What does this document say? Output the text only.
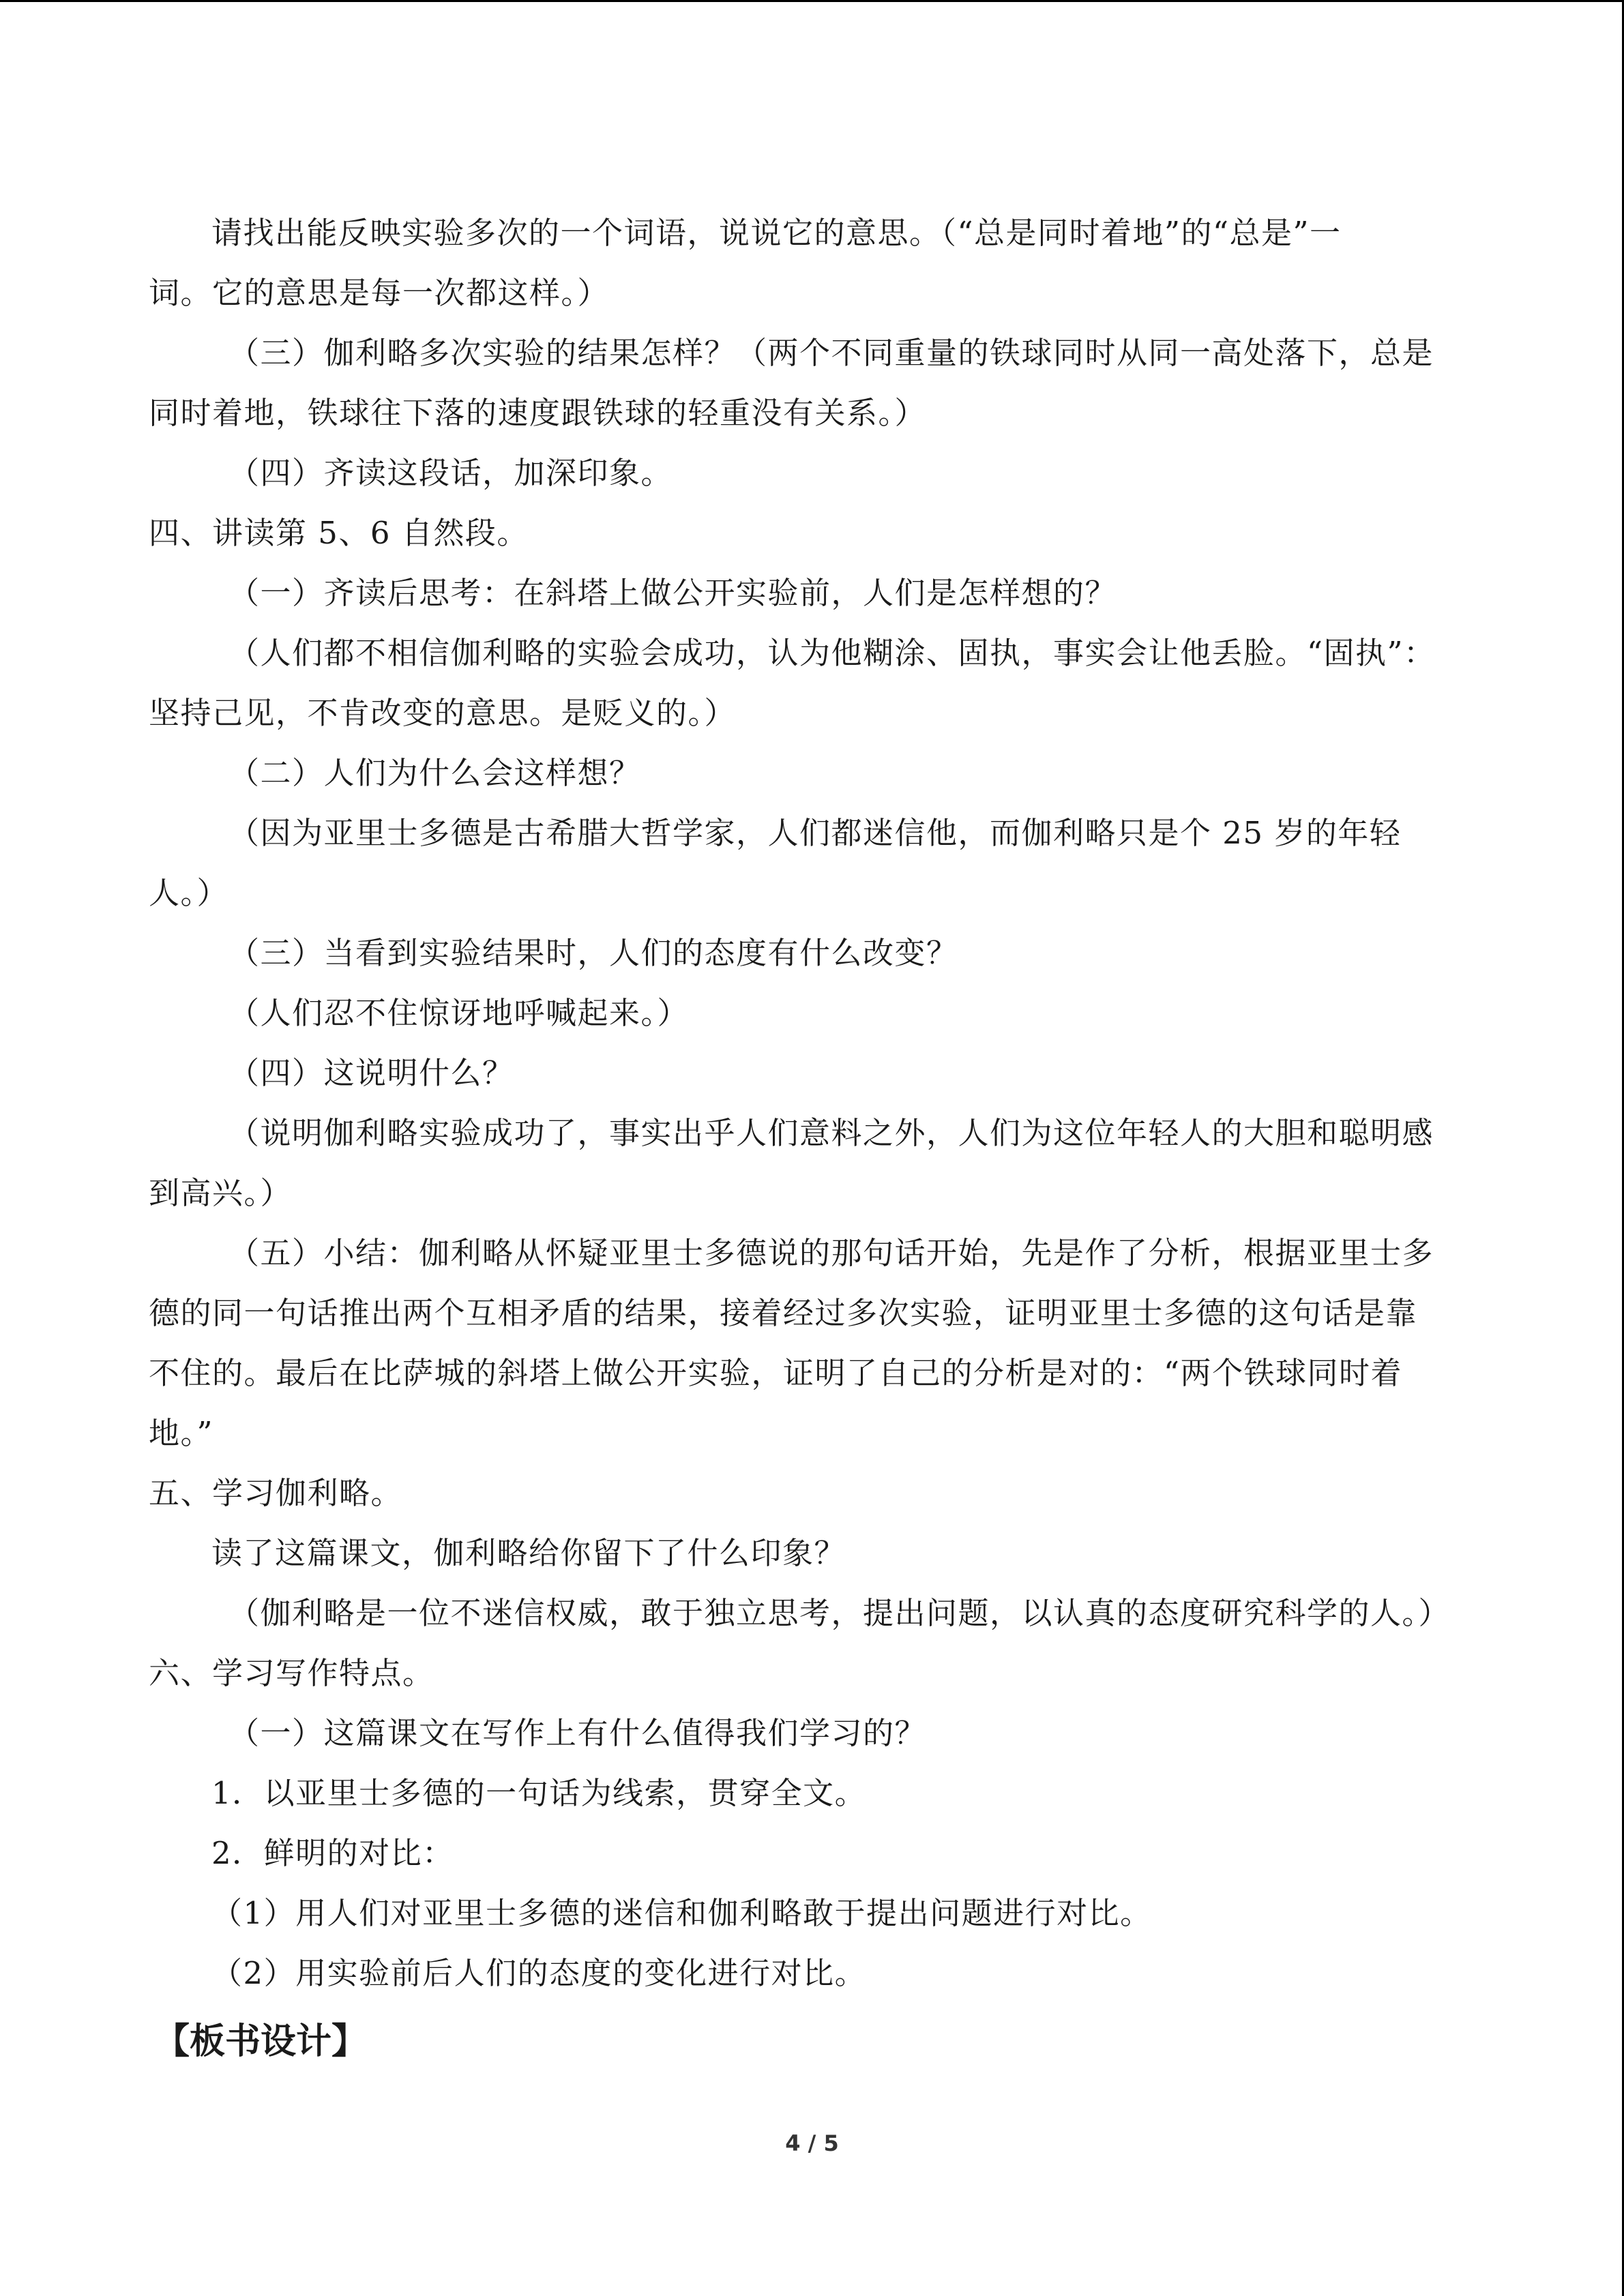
请找出能反映实验多次的一个词语，说说它的意思。（“总是同时着地”的“总是”一
词。它的意思是每一次都这样。）
（三）伽利略多次实验的结果怎样？（两个不同重量的铁球同时从同一高处落下，总是
同时着地，铁球往下落的速度跟铁球的轻重没有关系。）
（四）齐读这段话，加深印象。
四、讲读第 5、6 自然段。
（一）齐读后思考：在斜塔上做公开实验前，人们是怎样想的？
（人们都不相信伽利略的实验会成功，认为他糊涂、固执，事实会让他丢脸。“固执”：
坚持己见，不肯改变的意思。是贬义的。）
（二）人们为什么会这样想？
（因为亚里士多德是古希腊大哲学家，人们都迷信他，而伽利略只是个 25 岁的年轻
人。）
（三）当看到实验结果时，人们的态度有什么改变？
（人们忍不住惊讶地呼喊起来。）
（四）这说明什么？
（说明伽利略实验成功了，事实出乎人们意料之外，人们为这位年轻人的大胆和聪明感
到高兴。）
（五）小结：伽利略从怀疑亚里士多德说的那句话开始，先是作了分析，根据亚里士多
德的同一句话推出两个互相矛盾的结果，接着经过多次实验，证明亚里士多德的这句话是靠
不住的。最后在比萨城的斜塔上做公开实验，证明了自己的分析是对的：“两个铁球同时着
地。”
五、学习伽利略。
读了这篇课文，伽利略给你留下了什么印象？
（伽利略是一位不迷信权威，敢于独立思考，提出问题，以认真的态度研究科学的人。）
六、学习写作特点。
（一）这篇课文在写作上有什么值得我们学习的？
1．以亚里士多德的一句话为线索，贯穿全文。
2．鲜明的对比：
（1）用人们对亚里士多德的迷信和伽利略敢于提出问题进行对比。
（2）用实验前后人们的态度的变化进行对比。
【板书设计】
4 / 5
